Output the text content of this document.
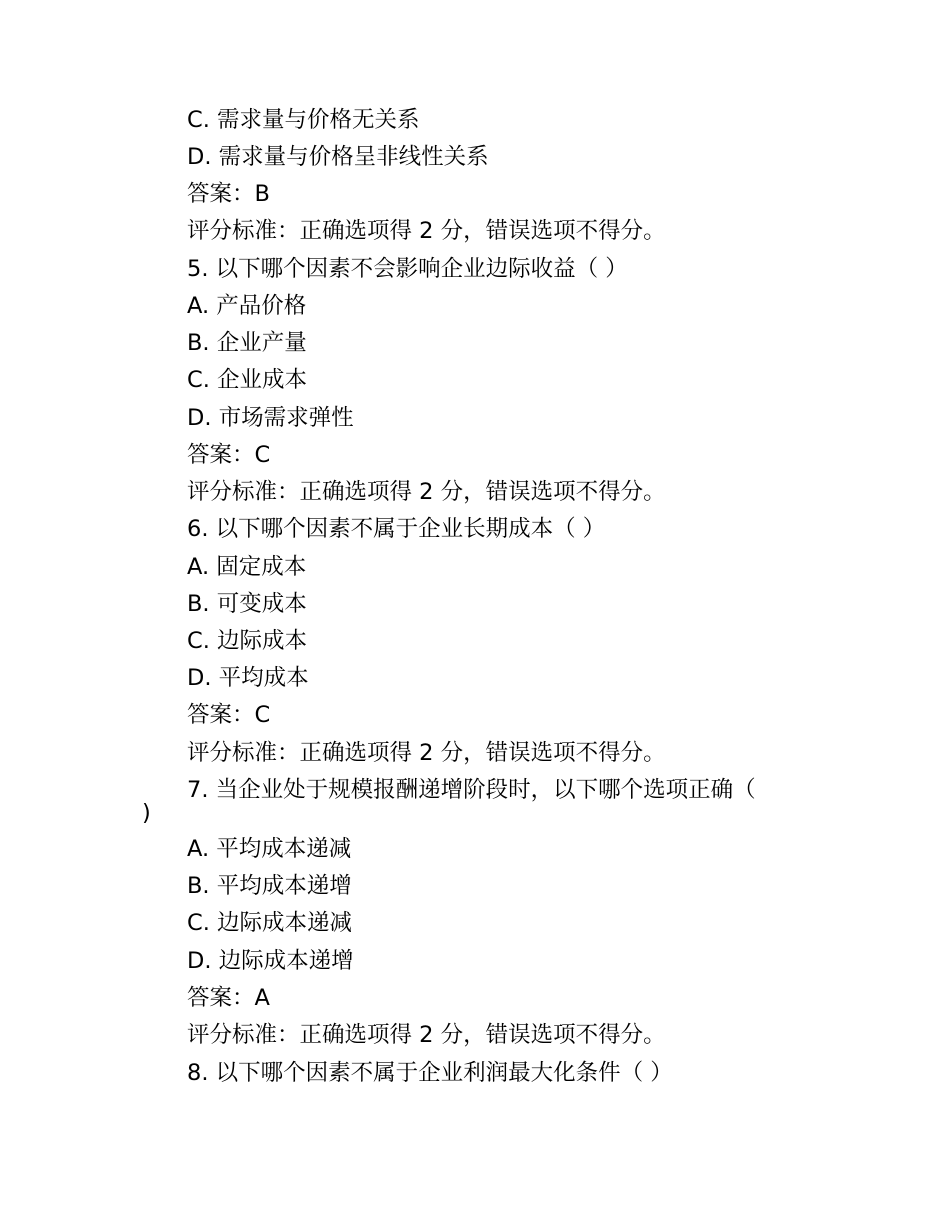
C. 需求量与价格无关系
D. 需求量与价格呈非线性关系
答案：B
评分标准：正确选项得 2 分，错误选项不得分。
5. 以下哪个因素不会影响企业边际收益（ ）
A. 产品价格
B. 企业产量
C. 企业成本
D. 市场需求弹性
答案：C
评分标准：正确选项得 2 分，错误选项不得分。
6. 以下哪个因素不属于企业长期成本（ ）
A. 固定成本
B. 可变成本
C. 边际成本
D. 平均成本
答案：C
评分标准：正确选项得 2 分，错误选项不得分。
7. 当企业处于规模报酬递增阶段时，以下哪个选项正确（
)
A. 平均成本递减
B. 平均成本递增
C. 边际成本递减
D. 边际成本递增
答案：A
评分标准：正确选项得 2 分，错误选项不得分。
8. 以下哪个因素不属于企业利润最大化条件（ ）
